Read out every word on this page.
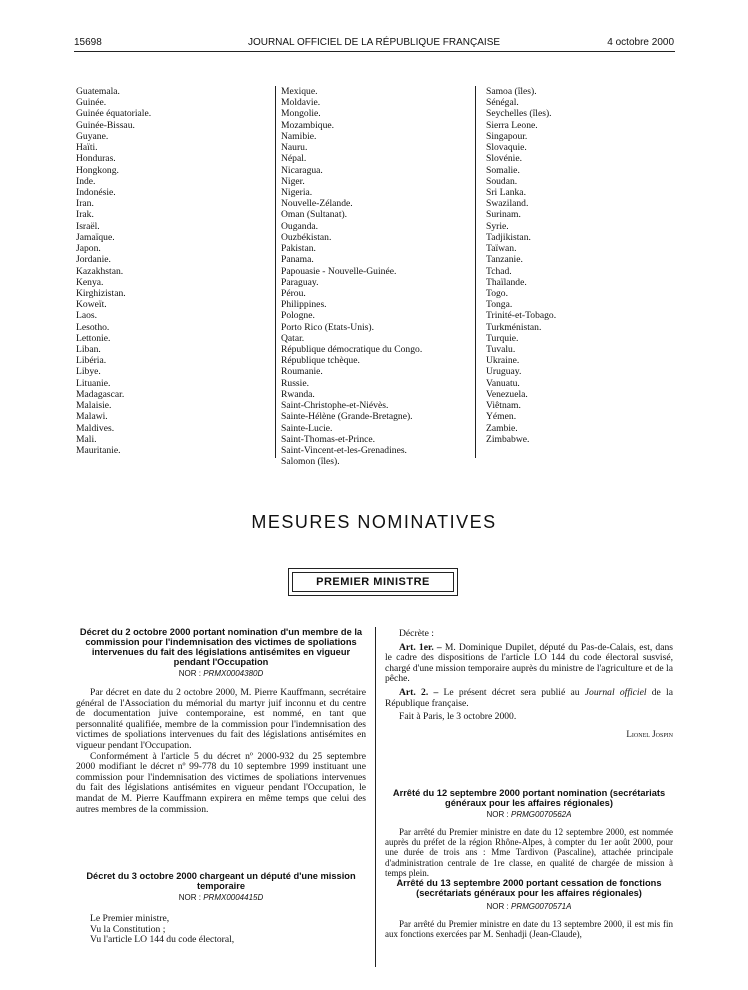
15698	JOURNAL OFFICIEL DE LA RÉPUBLIQUE FRANÇAISE	4 octobre 2000
Guatemala.
Guinée.
Guinée équatoriale.
Guinée-Bissau.
Guyane.
Haïti.
Honduras.
Hongkong.
Inde.
Indonésie.
Iran.
Irak.
Israël.
Jamaïque.
Japon.
Jordanie.
Kazakhstan.
Kenya.
Kirghizistan.
Koweït.
Laos.
Lesotho.
Lettonie.
Liban.
Libéria.
Libye.
Lituanie.
Madagascar.
Malaisie.
Malawi.
Maldives.
Mali.
Mauritanie.
Mexique.
Moldavie.
Mongolie.
Mozambique.
Namibie.
Nauru.
Népal.
Nicaragua.
Niger.
Nigeria.
Nouvelle-Zélande.
Oman (Sultanat).
Ouganda.
Ouzbékistan.
Pakistan.
Panama.
Papouasie - Nouvelle-Guinée.
Paraguay.
Pérou.
Philippines.
Pologne.
Porto Rico (Etats-Unis).
Qatar.
République démocratique du Congo.
République tchèque.
Roumanie.
Russie.
Rwanda.
Saint-Christophe-et-Niévès.
Sainte-Hélène (Grande-Bretagne).
Sainte-Lucie.
Saint-Thomas-et-Prince.
Saint-Vincent-et-les-Grenadines.
Salomon (îles).
Samoa (îles).
Sénégal.
Seychelles (îles).
Sierra Leone.
Singapour.
Slovaquie.
Slovénie.
Somalie.
Soudan.
Sri Lanka.
Swaziland.
Surinam.
Syrie.
Tadjikistan.
Taïwan.
Tanzanie.
Tchad.
Thaïlande.
Togo.
Tonga.
Trinité-et-Tobago.
Turkménistan.
Turquie.
Tuvalu.
Ukraine.
Uruguay.
Vanuatu.
Venezuela.
Viêtnam.
Yémen.
Zambie.
Zimbabwe.
MESURES NOMINATIVES
PREMIER MINISTRE
Décret du 2 octobre 2000 portant nomination d'un membre de la commission pour l'indemnisation des victimes de spoliations intervenues du fait des législations antisémites en vigueur pendant l'Occupation
NOR : PRMX0004380D
Par décret en date du 2 octobre 2000, M. Pierre Kauffmann, secrétaire général de l'Association du mémorial du martyr juif inconnu et du centre de documentation juive contemporaine, est nommé, en tant que personnalité qualifiée, membre de la commission pour l'indemnisation des victimes de spoliations intervenues du fait des législations antisémites en vigueur pendant l'Occupation.
Conformément à l'article 5 du décret nº 2000-932 du 25 septembre 2000 modifiant le décret nº 99-778 du 10 septembre 1999 instituant une commission pour l'indemnisation des victimes de spoliations intervenues du fait des législations antisémites en vigueur pendant l'Occupation, le mandat de M. Pierre Kauffmann expirera en même temps que celui des autres membres de la commission.
Décret du 3 octobre 2000 chargeant un député d'une mission temporaire
NOR : PRMX0004415D
Le Premier ministre,
Vu la Constitution ;
Vu l'article LO 144 du code électoral,
Décrète :
Art. 1er. – M. Dominique Dupilet, député du Pas-de-Calais, est, dans le cadre des dispositions de l'article LO 144 du code électoral susvisé, chargé d'une mission temporaire auprès du ministre de l'agriculture et de la pêche.
Art. 2. – Le présent décret sera publié au Journal officiel de la République française.
Fait à Paris, le 3 octobre 2000.
Lionel Jospin
Arrêté du 12 septembre 2000 portant nomination (secrétariats généraux pour les affaires régionales)
NOR : PRMG0070562A
Par arrêté du Premier ministre en date du 12 septembre 2000, est nommée auprès du préfet de la région Rhône-Alpes, à compter du 1er août 2000, pour une durée de trois ans : Mme Tardivon (Pascaline), attachée principale d'administration centrale de 1re classe, en qualité de chargée de mission à temps plein.
Arrêté du 13 septembre 2000 portant cessation de fonctions (secrétariats généraux pour les affaires régionales)
NOR : PRMG0070571A
Par arrêté du Premier ministre en date du 13 septembre 2000, il est mis fin aux fonctions exercées par M. Senhadji (Jean-Claude),
